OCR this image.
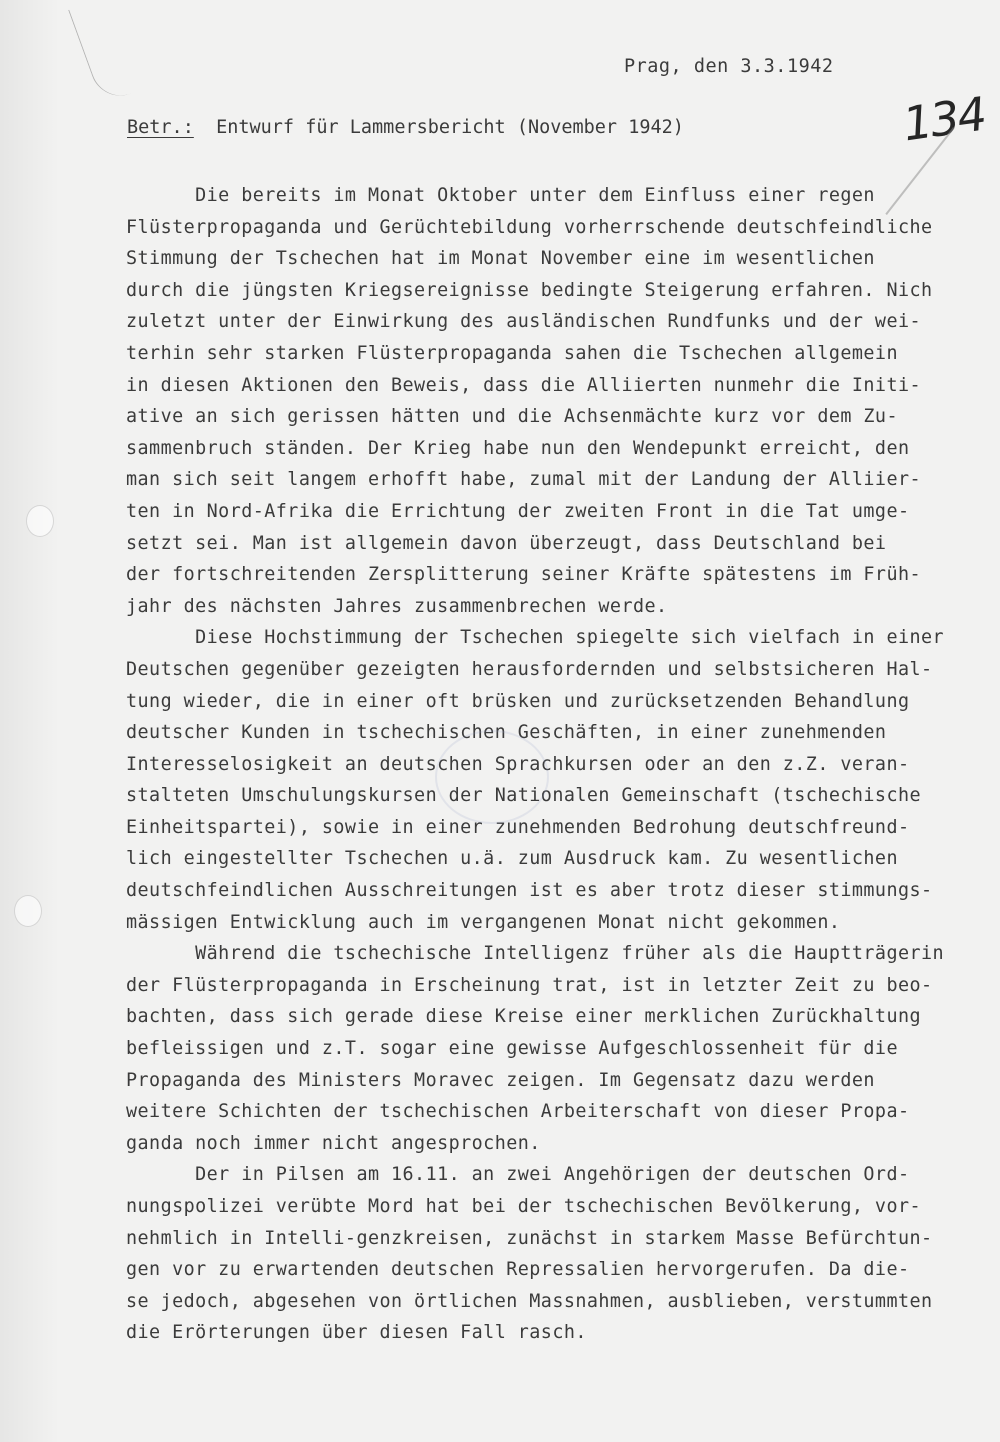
Prag, den 3.3.1942
134
Betr.: Entwurf für Lammersbericht (November 1942)
Die bereits im Monat Oktober unter dem Einfluss einer regen
Flüsterpropaganda und Gerüchtebildung vorherrschende deutschfeindliche
Stimmung der Tschechen hat im Monat November eine im wesentlichen
durch die jüngsten Kriegsereignisse bedingte Steigerung erfahren. Nich
zuletzt unter der Einwirkung des ausländischen Rundfunks und der wei-
terhin sehr starken Flüsterpropaganda sahen die Tschechen allgemein
in diesen Aktionen den Beweis, dass die Alliierten nunmehr die Initi-
ative an sich gerissen hätten und die Achsenmächte kurz vor dem Zu-
sammenbruch ständen. Der Krieg habe nun den Wendepunkt erreicht, den
man sich seit langem erhofft habe, zumal mit der Landung der Alliier-
ten in Nord-Afrika die Errichtung der zweiten Front in die Tat umge-
setzt sei. Man ist allgemein davon überzeugt, dass Deutschland bei
der fortschreitenden Zersplitterung seiner Kräfte spätestens im Früh-
jahr des nächsten Jahres zusammenbrechen werde.
Diese Hochstimmung der Tschechen spiegelte sich vielfach in einer
Deutschen gegenüber gezeigten herausfordernden und selbstsicheren Hal-
tung wieder, die in einer oft brüsken und zurücksetzenden Behandlung
deutscher Kunden in tschechischen Geschäften, in einer zunehmenden
Interesselosigkeit an deutschen Sprachkursen oder an den z.Z. veran-
stalteten Umschulungskursen der Nationalen Gemeinschaft (tschechische
Einheitspartei), sowie in einer zunehmenden Bedrohung deutschfreund-
lich eingestellter Tschechen u.ä. zum Ausdruck kam. Zu wesentlichen
deutschfeindlichen Ausschreitungen ist es aber trotz dieser stimmungs-
mässigen Entwicklung auch im vergangenen Monat nicht gekommen.
Während die tschechische Intelligenz früher als die Hauptträgerin
der Flüsterpropaganda in Erscheinung trat, ist in letzter Zeit zu beo-
bachten, dass sich gerade diese Kreise einer merklichen Zurückhaltung
befleissigen und z.T. sogar eine gewisse Aufgeschlossenheit für die
Propaganda des Ministers Moravec zeigen. Im Gegensatz dazu werden
weitere Schichten der tschechischen Arbeiterschaft von dieser Propa-
ganda noch immer nicht angesprochen.
Der in Pilsen am 16.11. an zwei Angehörigen der deutschen Ord-
nungspolizei verübte Mord hat bei der tschechischen Bevölkerung, vor-
nehmlich in Intelli-genzkreisen, zunächst in starkem Masse Befürchtun-
gen vor zu erwartenden deutschen Repressalien hervorgerufen. Da die-
se jedoch, abgesehen von örtlichen Massnahmen, ausblieben, verstummten
die Erörterungen über diesen Fall rasch.
